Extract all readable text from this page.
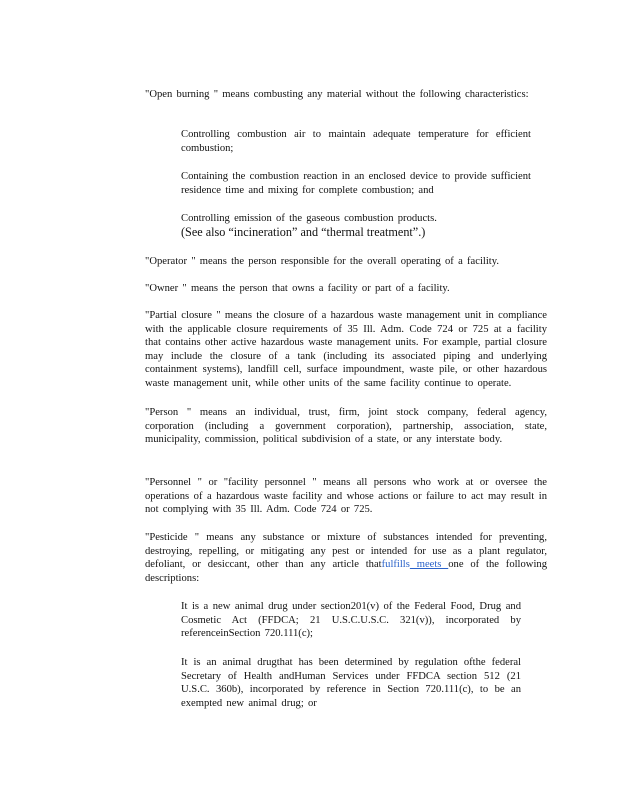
"Open burning " means combusting any material without the following characteristics:
Controlling combustion air to maintain adequate temperature for efficient combustion;
Containing the combustion reaction in an enclosed device to provide sufficient residence time and mixing for complete combustion; and
Controlling emission of the gaseous combustion products.
(See also “incineration” and “thermal treatment”.)
"Operator " means the person responsible for the overall operating of a facility.
"Owner " means the person that owns a facility or part of a facility.
"Partial closure " means the closure of a hazardous waste management unit in compliance with the applicable closure requirements of 35 Ill. Adm. Code 724 or 725 at a facility that contains other active hazardous waste management units. For example, partial closure may include the closure of a tank (including its associated piping and underlying containment systems), landfill cell, surface impoundment, waste pile, or other hazardous waste management unit, while other units of the same facility continue to operate.
"Person " means an individual, trust, firm, joint stock company, federal agency, corporation (including a government corporation), partnership, association, state, municipality, commission, political subdivision of a state, or any interstate body.
"Personnel " or "facility personnel " means all persons who work at or oversee the operations of a hazardous waste facility and whose actions or failure to act may result in not complying with 35 Ill. Adm. Code 724 or 725.
"Pesticide " means any substance or mixture of substances intended for preventing, destroying, repelling, or mitigating any pest or intended for use as a plant regulator, defoliant, or desiccant, other than any article thatfulfills meets one of the following descriptions:
It is a new animal drug under section201(v) of the Federal Food, Drug and Cosmetic Act (FFDCA; 21 U.S.C.U.S.C. 321(v)), incorporated by referenceinSection 720.111(c);
It is an animal drugthat has been determined by regulation ofthe federal Secretary of Health andHuman Services under FFDCA section 512 (21 U.S.C. 360b), incorporated by reference in Section 720.111(c), to be an exempted new animal drug; or
